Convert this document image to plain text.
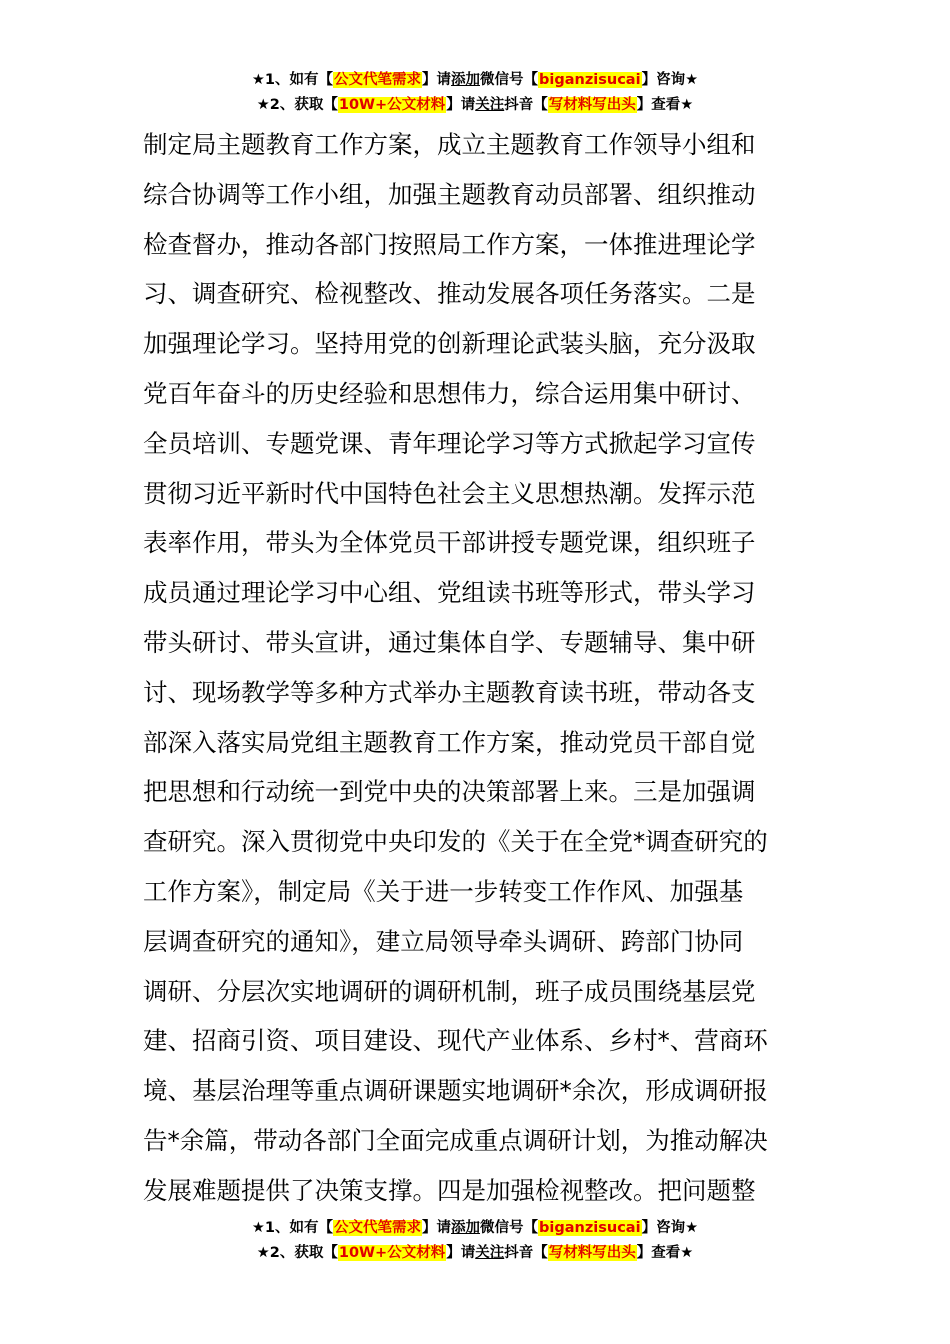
★1、如有【公文代笔需求】请添加微信号【biganzisucai】咨询★
★2、获取【10W+公文材料】请关注抖音【写材料写出头】查看★
制定局主题教育工作方案，成立主题教育工作领导小组和
综合协调等工作小组，加强主题教育动员部署、组织推动
检查督办，推动各部门按照局工作方案，一体推进理论学
习、调查研究、检视整改、推动发展各项任务落实。二是
加强理论学习。坚持用党的创新理论武装头脑，充分汲取
党百年奋斗的历史经验和思想伟力，综合运用集中研讨、
全员培训、专题党课、青年理论学习等方式掀起学习宣传
贯彻习近平新时代中国特色社会主义思想热潮。发挥示范
表率作用，带头为全体党员干部讲授专题党课，组织班子
成员通过理论学习中心组、党组读书班等形式，带头学习
带头研讨、带头宣讲，通过集体自学、专题辅导、集中研
讨、现场教学等多种方式举办主题教育读书班，带动各支
部深入落实局党组主题教育工作方案，推动党员干部自觉
把思想和行动统一到党中央的决策部署上来。三是加强调
查研究。深入贯彻党中央印发的《关于在全党*调查研究的
工作方案》，制定局《关于进一步转变工作作风、加强基
层调查研究的通知》，建立局领导牵头调研、跨部门协同
调研、分层次实地调研的调研机制，班子成员围绕基层党
建、招商引资、项目建设、现代产业体系、乡村*、营商环
境、基层治理等重点调研课题实地调研*余次，形成调研报
告*余篇，带动各部门全面完成重点调研计划，为推动解决
发展难题提供了决策支撑。四是加强检视整改。把问题整
★1、如有【公文代笔需求】请添加微信号【biganzisucai】咨询★
★2、获取【10W+公文材料】请关注抖音【写材料写出头】查看★
